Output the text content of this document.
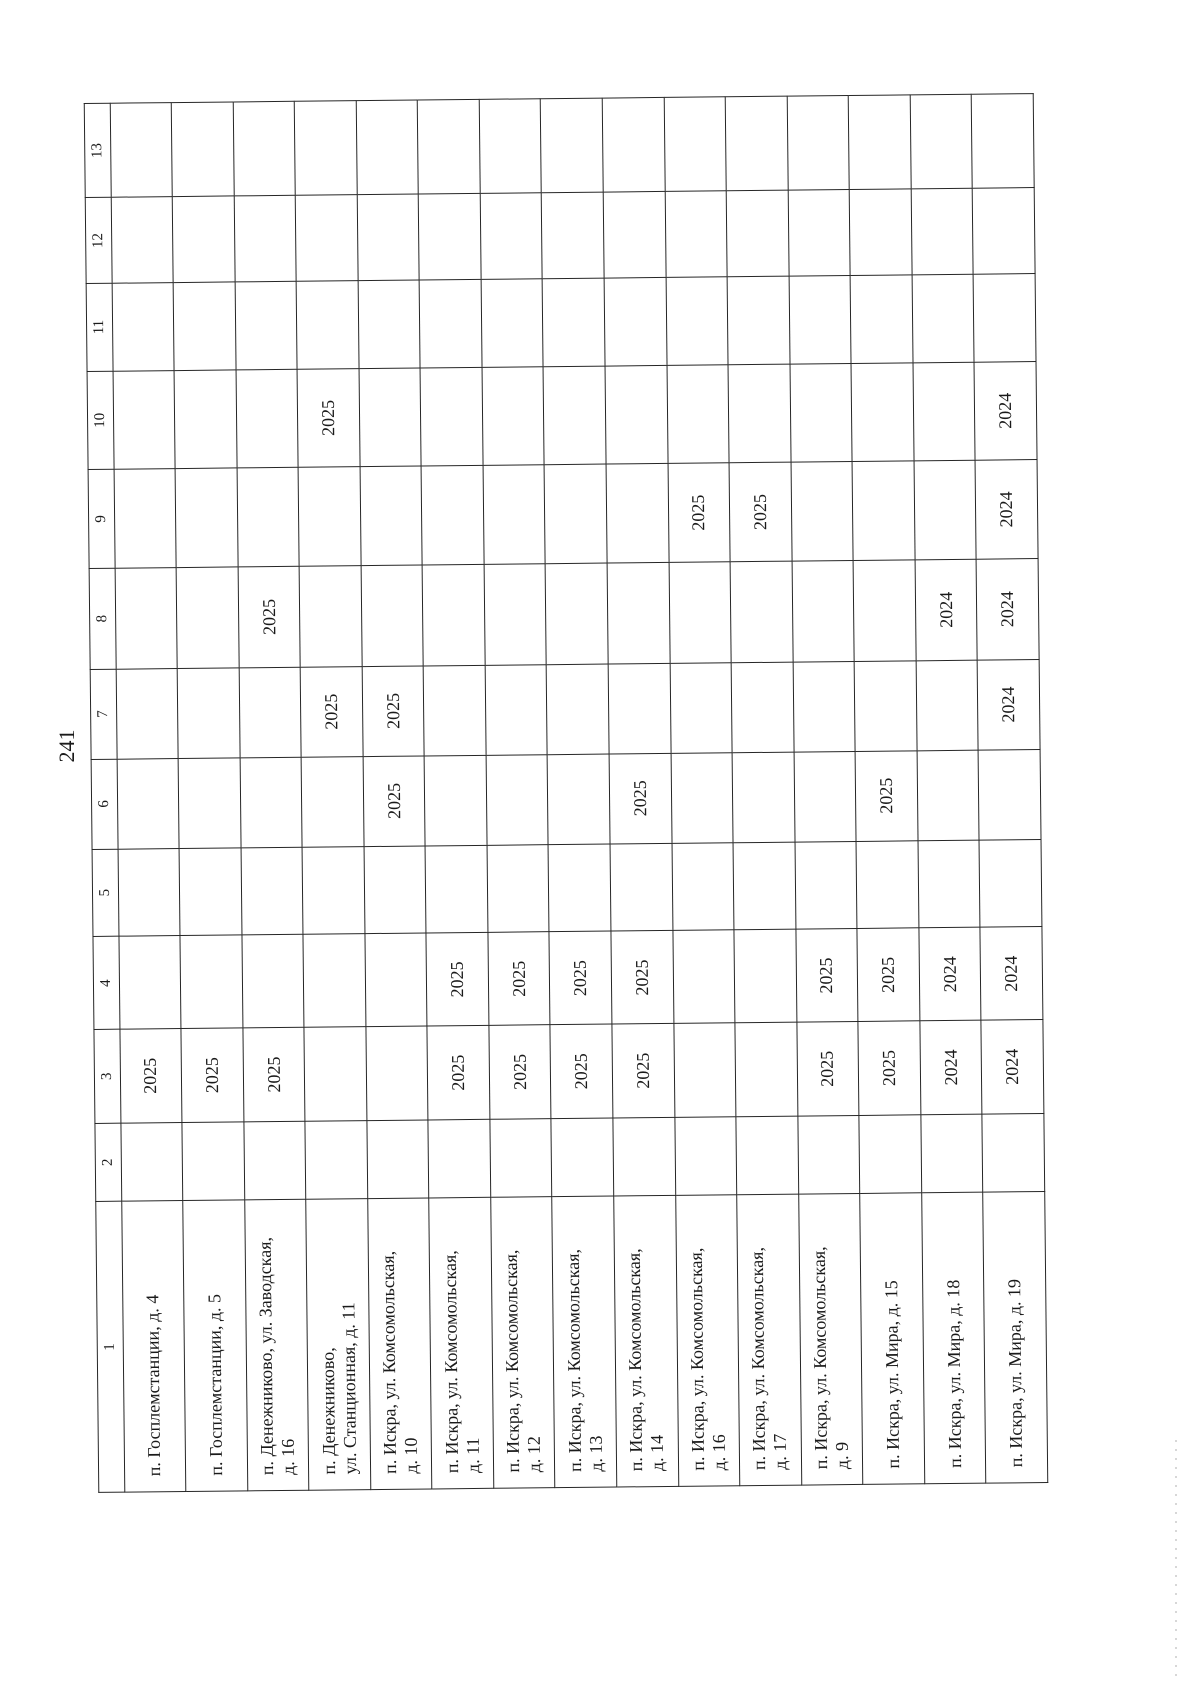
241
1	2	3	4	5	6	7	8	9	10	11	12	13

п. Госплемстанции, д. 4		2025										

п. Госплемстанции, д. 5		2025										

п. Денежниково, ул. Заводская, д. 16		2025					2025					

п. Денежниково, ул. Станционная, д. 11						2025			2025			

п. Искра, ул. Комсомольская, д. 10					2025	2025						

п. Искра, ул. Комсомольская, д. 11		2025	2025									

п. Искра, ул. Комсомольская, д. 12		2025	2025									

п. Искра, ул. Комсомольская, д. 13		2025	2025									

п. Искра, ул. Комсомольская, д. 14		2025	2025		2025							

п. Искра, ул. Комсомольская, д. 16								2025				

п. Искра, ул. Комсомольская, д. 17								2025				

п. Искра, ул. Комсомольская, д. 9		2025	2025									

п. Искра, ул. Мира, д. 15		2025	2025		2025							

п. Искра, ул. Мира, д. 18		2024	2024				2024					

п. Искра, ул. Мира, д. 19		2024	2024			2024	2024	2024	2024			
